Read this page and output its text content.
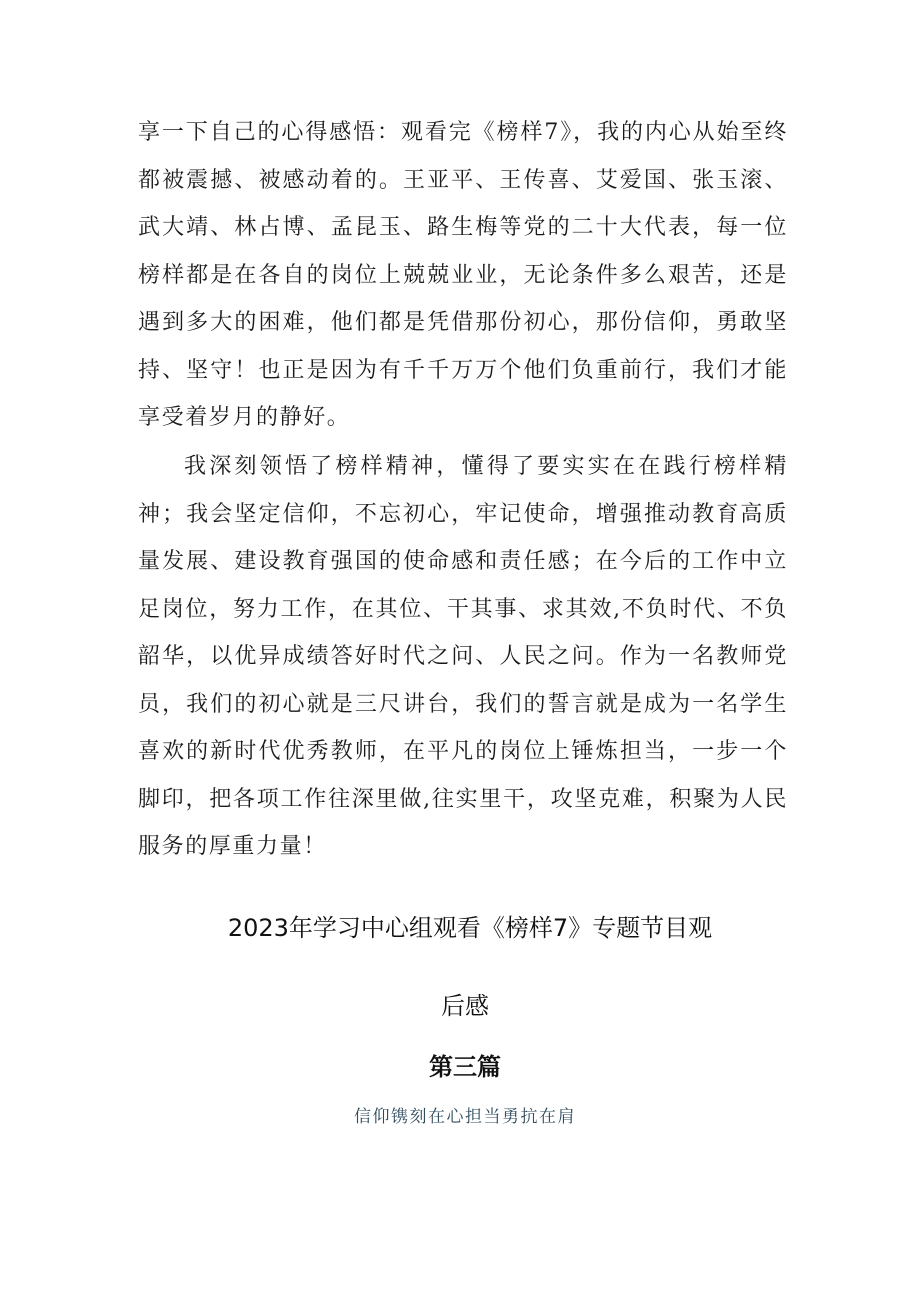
享一下自己的心得感悟：观看完《榜样7》，我的内心从始至终都被震撼、被感动着的。王亚平、王传喜、艾爱国、张玉滚、武大靖、林占博、孟昆玉、路生梅等党的二十大代表，每一位榜样都是在各自的岗位上兢兢业业，无论条件多么艰苦，还是遇到多大的困难，他们都是凭借那份初心，那份信仰，勇敢坚持、坚守！也正是因为有千千万万个他们负重前行，我们才能享受着岁月的静好。

我深刻领悟了榜样精神，懂得了要实实在在践行榜样精神；我会坚定信仰，不忘初心，牢记使命，增强推动教育高质量发展、建设教育强国的使命感和责任感；在今后的工作中立足岗位，努力工作，在其位、干其事、求其效,不负时代、不负韶华，以优异成绩答好时代之问、人民之问。作为一名教师党员，我们的初心就是三尺讲台，我们的誓言就是成为一名学生喜欢的新时代优秀教师，在平凡的岗位上锤炼担当，一步一个脚印，把各项工作往深里做,往实里干，攻坚克难，积聚为人民服务的厚重力量！

2023年学习中心组观看《榜样7》专题节目观
后感
第三篇

信仰镌刻在心担当勇抗在肩
